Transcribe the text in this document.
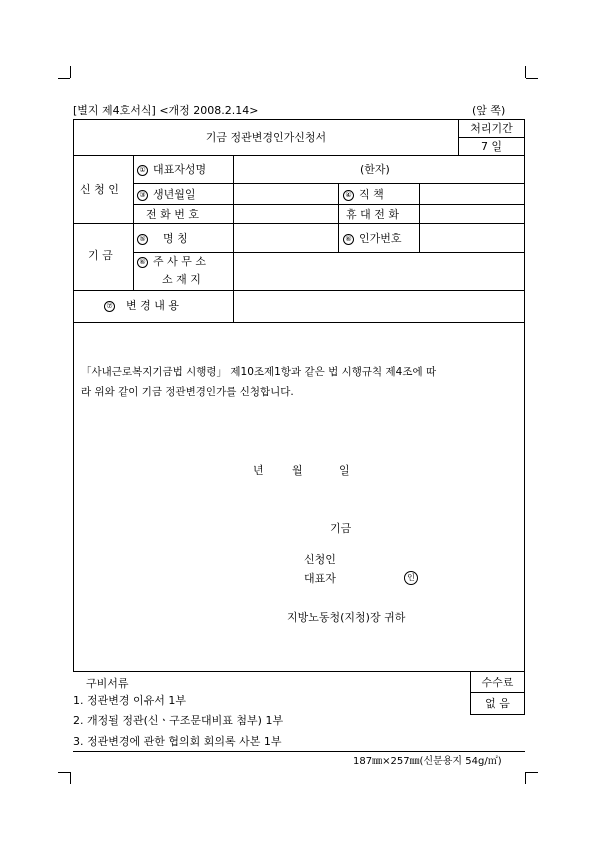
[별지 제4호서식] <개정 2008.2.14>	(앞 쪽)
기금 정관변경인가신청서
처리기간
7 일
신 청 인
① 대표자성명	(한자)
③ 생년월일	④ 직 책
전 화 번 호	휴 대 전 화
기 금
⑤ 명 칭	⑥ 인가번호
⑥ 주 사 무 소
소 재 지
⑦ 변 경 내 용
「사내근로복지기금법 시행령」 제10조제1항과 같은 법 시행규칙 제4조에 따
라 위와 같이 기금 정관변경인가를 신청합니다.
년	월	일
기금
신청인
대표자	인
지방노동청(지청)장 귀하
구비서류
1. 정관변경 이유서 1부
2. 개정될 정관(신ㆍ구조문대비표 첨부) 1부
3. 정관변경에 관한 협의회 회의록 사본 1부
수수료
없 음
187㎜×257㎜(신문용지 54g/㎡)
